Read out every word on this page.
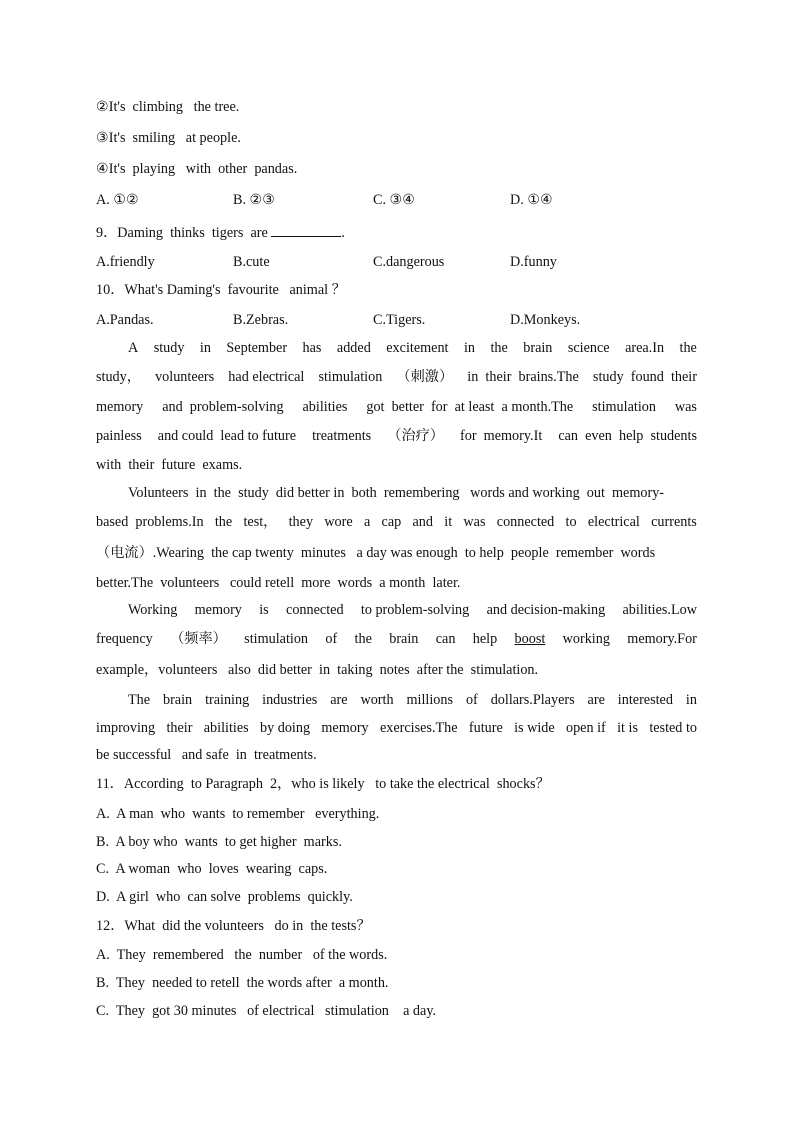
②It's  climbing   the tree.
③It's  smiling   at people.
④It's  playing   with  other  pandas.
A. ①②	B. ②③	C. ③④	D. ①④
9．Daming  thinks  tigers  are	.
A.friendly	B.cute	C.dangerous	D.funny
10．What's Daming's  favourite   animal ？
A.Pandas.	B.Zebras.	C.Tigers.	D.Monkeys.
A study in September has added excitement in the brain science area.In the
study， volunteers had electrical stimulation （刺激） in  their  brains.The study  found  their
memory and  problem-solving abilities got  better  for  at least  a month.The stimulation was
painless and could  lead to future treatments （治疗） for  memory.It can  even  help  students
with  their  future  exams.
Volunteers  in  the  study  did better in  both  remembering   words and working  out  memory-
based  problems.In the test， they wore a cap and it was connected to electrical currents
（电流）.Wearing  the cap twenty  minutes   a day was enough  to help  people  remember  words
better.The  volunteers   could retell  more  words  a month  later.
Working memory is connected to problem-solving and decision-making abilities.Low
frequency （频率） stimulation of the brain can help boost working memory.For
example，volunteers   also  did better  in  taking  notes  after the  stimulation.
The brain training industries are worth millions of dollars.Players are interested in
improving their abilities by doing memory exercises.The future is wide open if it is tested to
be successful   and safe  in  treatments.
11．According  to Paragraph  2，who is likely   to take the electrical  shocks？
A.  A man  who  wants  to remember   everything.
B.  A boy who  wants  to get higher  marks.
C.  A woman  who  loves  wearing  caps.
D.  A girl  who  can solve  problems  quickly.
12．What  did the volunteers   do in  the tests？
A.  They  remembered   the  number   of the words.
B.  They  needed to retell  the words after  a month.
C.  They  got 30 minutes   of electrical   stimulation    a day.
